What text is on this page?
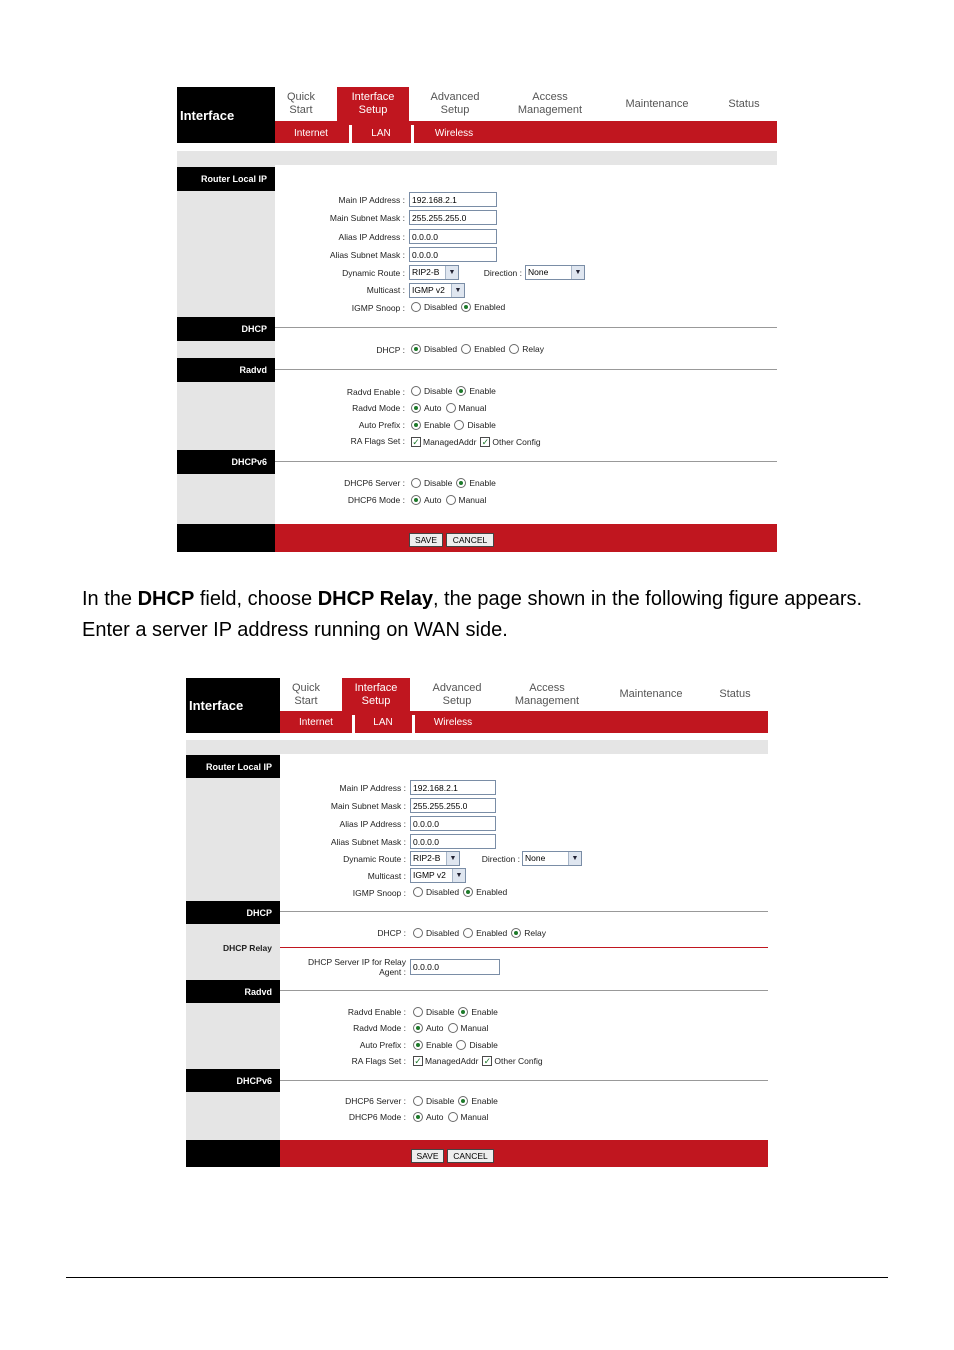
Interface
Quick
Start
Interface
Setup
Advanced
Setup
Access
Management
Maintenance	Status
Internet	LAN	Wireless
Router Local IP
Main IP Address :
192.168.2.1
Main Subnet Mask :
255.255.255.0
Alias IP Address :
0.0.0.0
Alias Subnet Mask :
0.0.0.0
Dynamic Route : RIP2-B	▼	Direction : None	▼
Multicast : IGMP v2	▼
IGMP Snoop : Disabled Enabled
DHCP
DHCP : Disabled Enabled Relay
Radvd
Radvd Enable : Disable Enable
Radvd Mode : Auto Manual
Auto Prefix : Enable Disable
RA Flags Set : ✓ ManagedAddr ✓ Other Config
DHCPv6
DHCP6 Server : Disable Enable
DHCP6 Mode : Auto Manual
SAVE	CANCEL
In the DHCP field, choose DHCP Relay, the page shown in the following figure appears. Enter a server IP address running on WAN side.
Interface
Quick
Start
Interface
Setup
Advanced
Setup
Access
Management
Maintenance	Status
Internet	LAN	Wireless
Router Local IP
Main IP Address :
192.168.2.1
Main Subnet Mask :
255.255.255.0
Alias IP Address :
0.0.0.0
Alias Subnet Mask :
0.0.0.0
Dynamic Route : RIP2-B	▼	Direction : None	▼
Multicast : IGMP v2	▼
IGMP Snoop : Disabled Enabled
DHCP
DHCP : Disabled Enabled Relay
DHCP Relay
DHCP Server IP for Relay
Agent :
0.0.0.0
Radvd
Radvd Enable : Disable Enable
Radvd Mode : Auto Manual
Auto Prefix : Enable Disable
RA Flags Set : ✓ ManagedAddr ✓ Other Config
DHCPv6
DHCP6 Server : Disable Enable
DHCP6 Mode : Auto Manual
SAVE	CANCEL
